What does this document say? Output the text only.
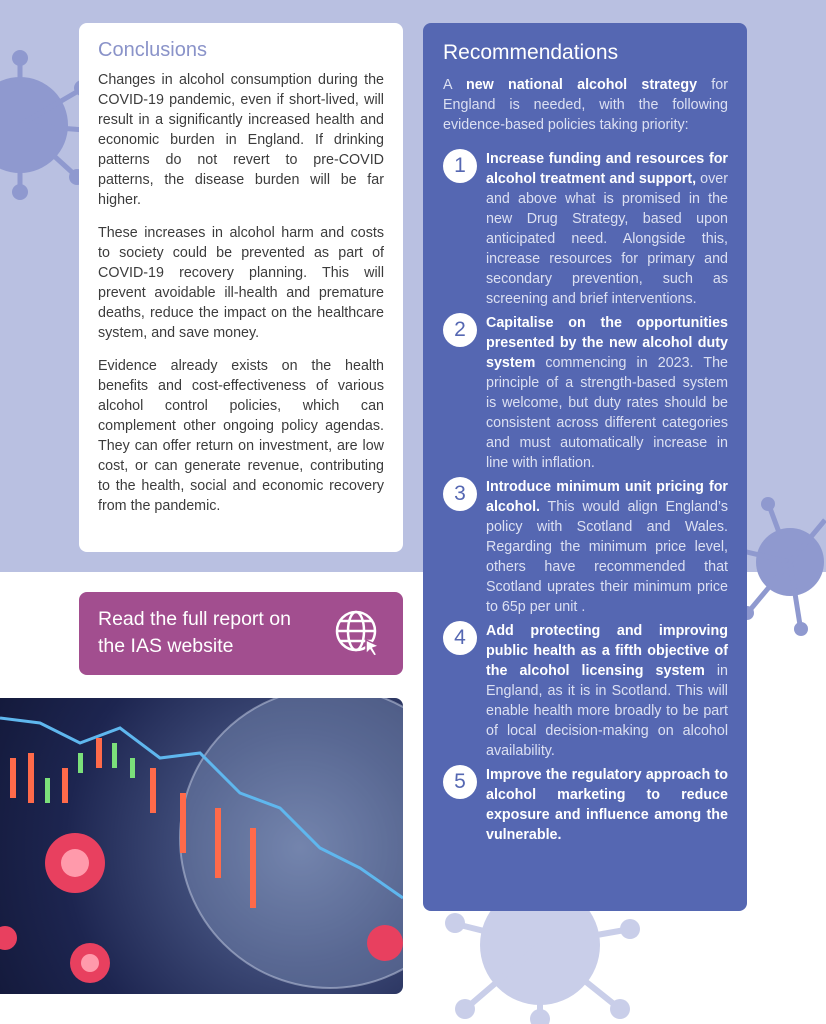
Conclusions

Changes in alcohol consumption during the COVID-19 pandemic, even if short-lived, will result in a significantly increased health and economic burden in England. If drinking patterns do not revert to pre-COVID patterns, the disease burden will be far higher.

These increases in alcohol harm and costs to society could be prevented as part of COVID-19 recovery planning. This will prevent avoidable ill-health and premature deaths, reduce the impact on the healthcare system, and save money.

Evidence already exists on the health benefits and cost-effectiveness of various alcohol control policies, which can complement other ongoing policy agendas. They can offer return on investment, are low cost, or can generate revenue, contributing to the health, social and economic recovery from the pandemic.

Read the full report on the IAS website
Recommendations

A new national alcohol strategy for England is needed, with the following evidence-based policies taking priority:

1	Increase funding and resources for alcohol treatment and support, over and above what is promised in the new Drug Strategy, based upon anticipated need. Alongside this, increase resources for primary and secondary prevention, such as screening and brief interventions.
2	Capitalise on the opportunities presented by the new alcohol duty system commencing in 2023. The principle of a strength-based system is welcome, but duty rates should be consistent across different categories and must automatically increase in line with inflation.
3	Introduce minimum unit pricing for alcohol. This would align England’s policy with Scotland and Wales. Regarding the minimum price level, others have recommended that Scotland uprates their minimum price to 65p per unit .
4	Add protecting and improving public health as a fifth objective of the alcohol licensing system in England, as it is in Scotland. This will enable health more broadly to be part of local decision-making on alcohol availability.
5	Improve the regulatory approach to alcohol marketing to reduce exposure and influence among the vulnerable.
